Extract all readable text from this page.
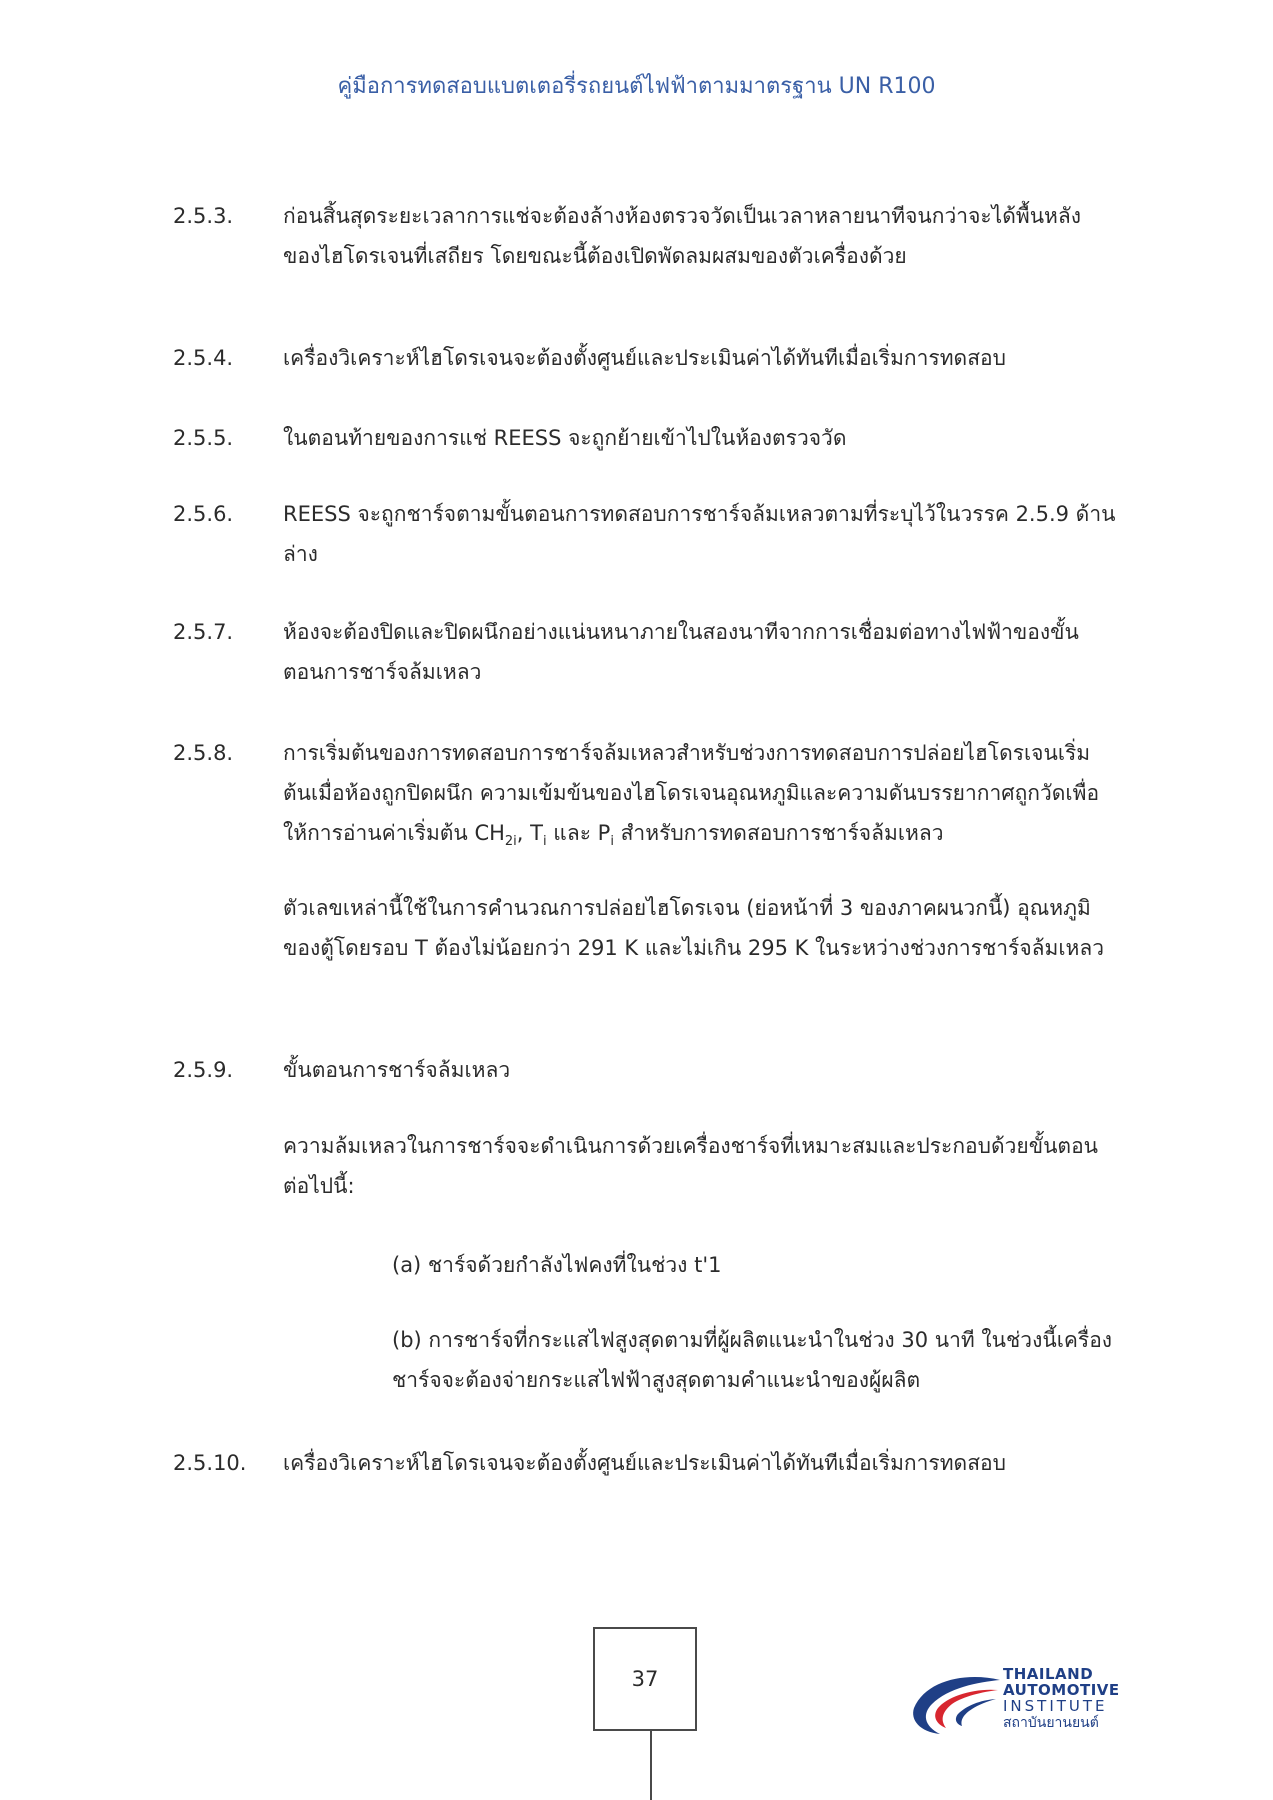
คู่มือการทดสอบแบตเตอรี่รถยนต์ไฟฟ้าตามมาตรฐาน UN R100
2.5.3.	ก่อนสิ้นสุดระยะเวลาการแช่จะต้องล้างห้องตรวจวัดเป็นเวลาหลายนาทีจนกว่าจะได้พื้นหลังของไฮโดรเจนที่เสถียร โดยขณะนี้ต้องเปิดพัดลมผสมของตัวเครื่องด้วย
2.5.4.	เครื่องวิเคราะห์ไฮโดรเจนจะต้องตั้งศูนย์และประเมินค่าได้ทันทีเมื่อเริ่มการทดสอบ
2.5.5.	ในตอนท้ายของการแช่ REESS จะถูกย้ายเข้าไปในห้องตรวจวัด
2.5.6.	REESS จะถูกชาร์จตามขั้นตอนการทดสอบการชาร์จล้มเหลวตามที่ระบุไว้ในวรรค 2.5.9 ด้านล่าง
2.5.7.	ห้องจะต้องปิดและปิดผนึกอย่างแน่นหนาภายในสองนาทีจากการเชื่อมต่อทางไฟฟ้าของขั้นตอนการชาร์จล้มเหลว
2.5.8.	การเริ่มต้นของการทดสอบการชาร์จล้มเหลวสำหรับช่วงการทดสอบการปล่อยไฮโดรเจนเริ่มต้นเมื่อห้องถูกปิดผนึก ความเข้มข้นของไฮโดรเจนอุณหภูมิและความดันบรรยากาศถูกวัดเพื่อให้การอ่านค่าเริ่มต้น $CH_{2i}$, $T_i$ และ $P_i$ สำหรับการทดสอบการชาร์จล้มเหลว
ตัวเลขเหล่านี้ใช้ในการคำนวณการปล่อยไฮโดรเจน (ย่อหน้าที่ 3 ของภาคผนวกนี้) อุณหภูมิของตู้โดยรอบ T ต้องไม่น้อยกว่า 291 K และไม่เกิน 295 K ในระหว่างช่วงการชาร์จล้มเหลว
2.5.9.	ขั้นตอนการชาร์จล้มเหลว
ความล้มเหลวในการชาร์จจะดำเนินการด้วยเครื่องชาร์จที่เหมาะสมและประกอบด้วยขั้นตอนต่อไปนี้:
(a) ชาร์จด้วยกำลังไฟคงที่ในช่วง t'1
(b) การชาร์จที่กระแสไฟสูงสุดตามที่ผู้ผลิตแนะนำในช่วง 30 นาที ในช่วงนี้เครื่องชาร์จจะต้องจ่ายกระแสไฟฟ้าสูงสุดตามคำแนะนำของผู้ผลิต
2.5.10.	เครื่องวิเคราะห์ไฮโดรเจนจะต้องตั้งศูนย์และประเมินค่าได้ทันทีเมื่อเริ่มการทดสอบ
37	THAILAND
AUTOMOTIVE
INSTITUTE
สถาบันยานยนต์
